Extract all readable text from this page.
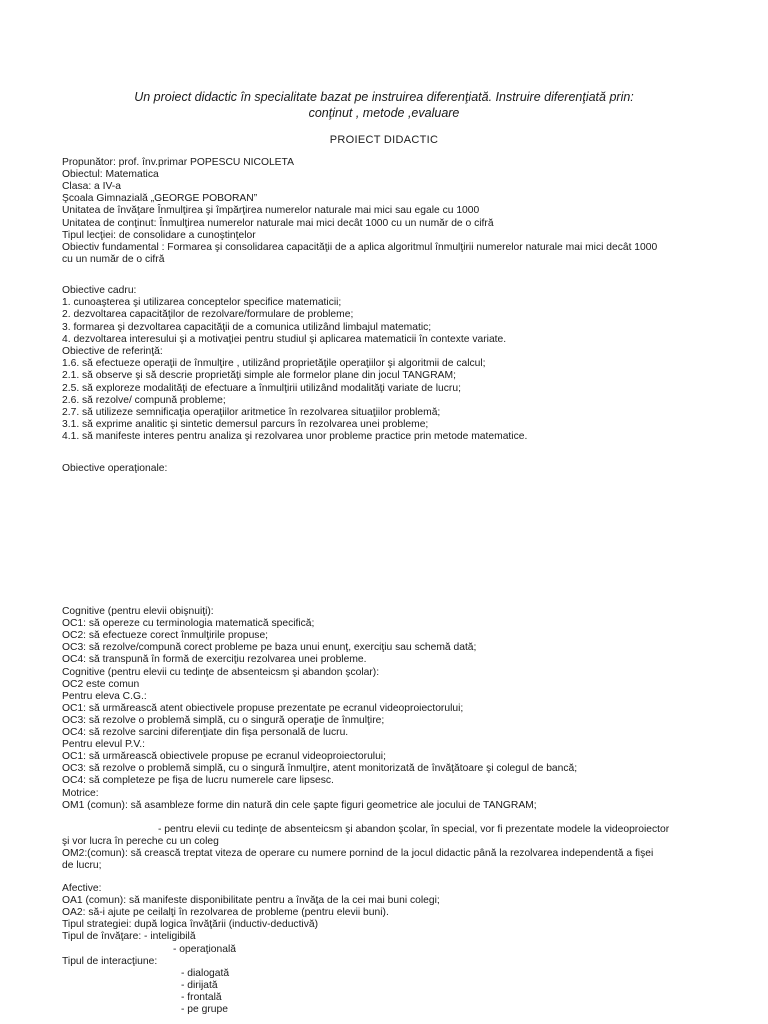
Un proiect didactic în specialitate bazat pe instruirea diferenţiată. Instruire diferenţiată prin:
conţinut , metode ,evaluare
PROIECT DIDACTIC
Propunător: prof. înv.primar POPESCU NICOLETA
Obiectul: Matematica
Clasa: a IV-a
Şcoala Gimnazială „GEORGE POBORAN”
Unitatea de învăţare Înmulţirea şi împărţirea numerelor naturale mai mici sau egale cu 1000
Unitatea de conţinut: Înmulţirea numerelor naturale mai mici decât 1000 cu un număr de o cifră
Tipul lecţiei: de consolidare a cunoştinţelor
Obiectiv fundamental : Formarea şi consolidarea capacităţii de a aplica algoritmul înmulţirii numerelor naturale mai mici decât 1000
cu un număr de o cifră
Obiective cadru:
1. cunoaşterea şi utilizarea conceptelor specifice matematicii;
2. dezvoltarea capacităţilor de rezolvare/formulare de probleme;
3. formarea şi dezvoltarea capacităţii de a comunica utilizând limbajul matematic;
4. dezvoltarea interesului şi a motivaţiei pentru studiul şi aplicarea matematicii în contexte variate.
Obiective de referinţă:
1.6. să efectueze operaţii de înmulţire , utilizând proprietăţile operaţiilor şi algoritmii de calcul;
2.1. să observe şi să descrie proprietăţi simple ale formelor plane din jocul TANGRAM;
2.5. să exploreze modalităţi de efectuare a înmulţirii utilizând modalităţi variate de lucru;
2.6. să rezolve/ compună probleme;
2.7. să utilizeze semnificaţia operaţiilor aritmetice în rezolvarea situaţiilor problemă;
3.1. să exprime analitic şi sintetic demersul parcurs în rezolvarea unei probleme;
4.1. să manifeste interes pentru analiza şi rezolvarea unor probleme practice prin metode matematice.
Obiective operaţionale:
Cognitive (pentru elevii obişnuiţi):
OC1: să opereze cu terminologia matematică specifică;
OC2: să efectueze corect înmulţirile propuse;
OC3: să rezolve/compună corect probleme pe baza unui enunţ, exerciţiu sau schemă dată;
OC4: să transpună în formă de exerciţiu rezolvarea unei probleme.
Cognitive (pentru elevii cu tedinţe de absenteicsm şi abandon şcolar):
OC2 este comun
Pentru eleva C.G.:
OC1: să urmărească atent obiectivele propuse prezentate pe ecranul videoproiectorului;
OC3: să rezolve o problemă simplă, cu o singură operaţie de înmulţire;
OC4: să rezolve sarcini diferenţiate din fişa personală de lucru.
Pentru elevul P.V.:
OC1: să urmărească obiectivele propuse pe ecranul videoproiectorului;
OC3: să rezolve o problemă simplă, cu o singură înmulţire, atent monitorizată de învăţătoare şi colegul de bancă;
OC4: să completeze pe fişa de lucru numerele care lipsesc.
Motrice:
OM1 (comun): să asambleze forme din natură din cele şapte figuri geometrice ale jocului de TANGRAM;
- pentru elevii cu tedinţe de absenteicsm şi abandon şcolar, în special, vor fi prezentate modele la videoproiector
şi vor lucra în pereche cu un coleg
OM2:(comun): să crească treptat viteza de operare cu numere pornind de la jocul didactic până la rezolvarea independentă a fişei
de lucru;
Afective:
OA1 (comun): să manifeste disponibilitate pentru a învăţa de la cei mai buni colegi;
OA2: să-i ajute pe ceilalţi în rezolvarea de probleme (pentru elevii buni).
Tipul strategiei: după logica învăţării (inductiv-deductivă)
Tipul de învăţare: - inteligibilă
- operaţională
Tipul de interacţiune:
- dialogată
- dirijată
- frontală
- pe grupe
